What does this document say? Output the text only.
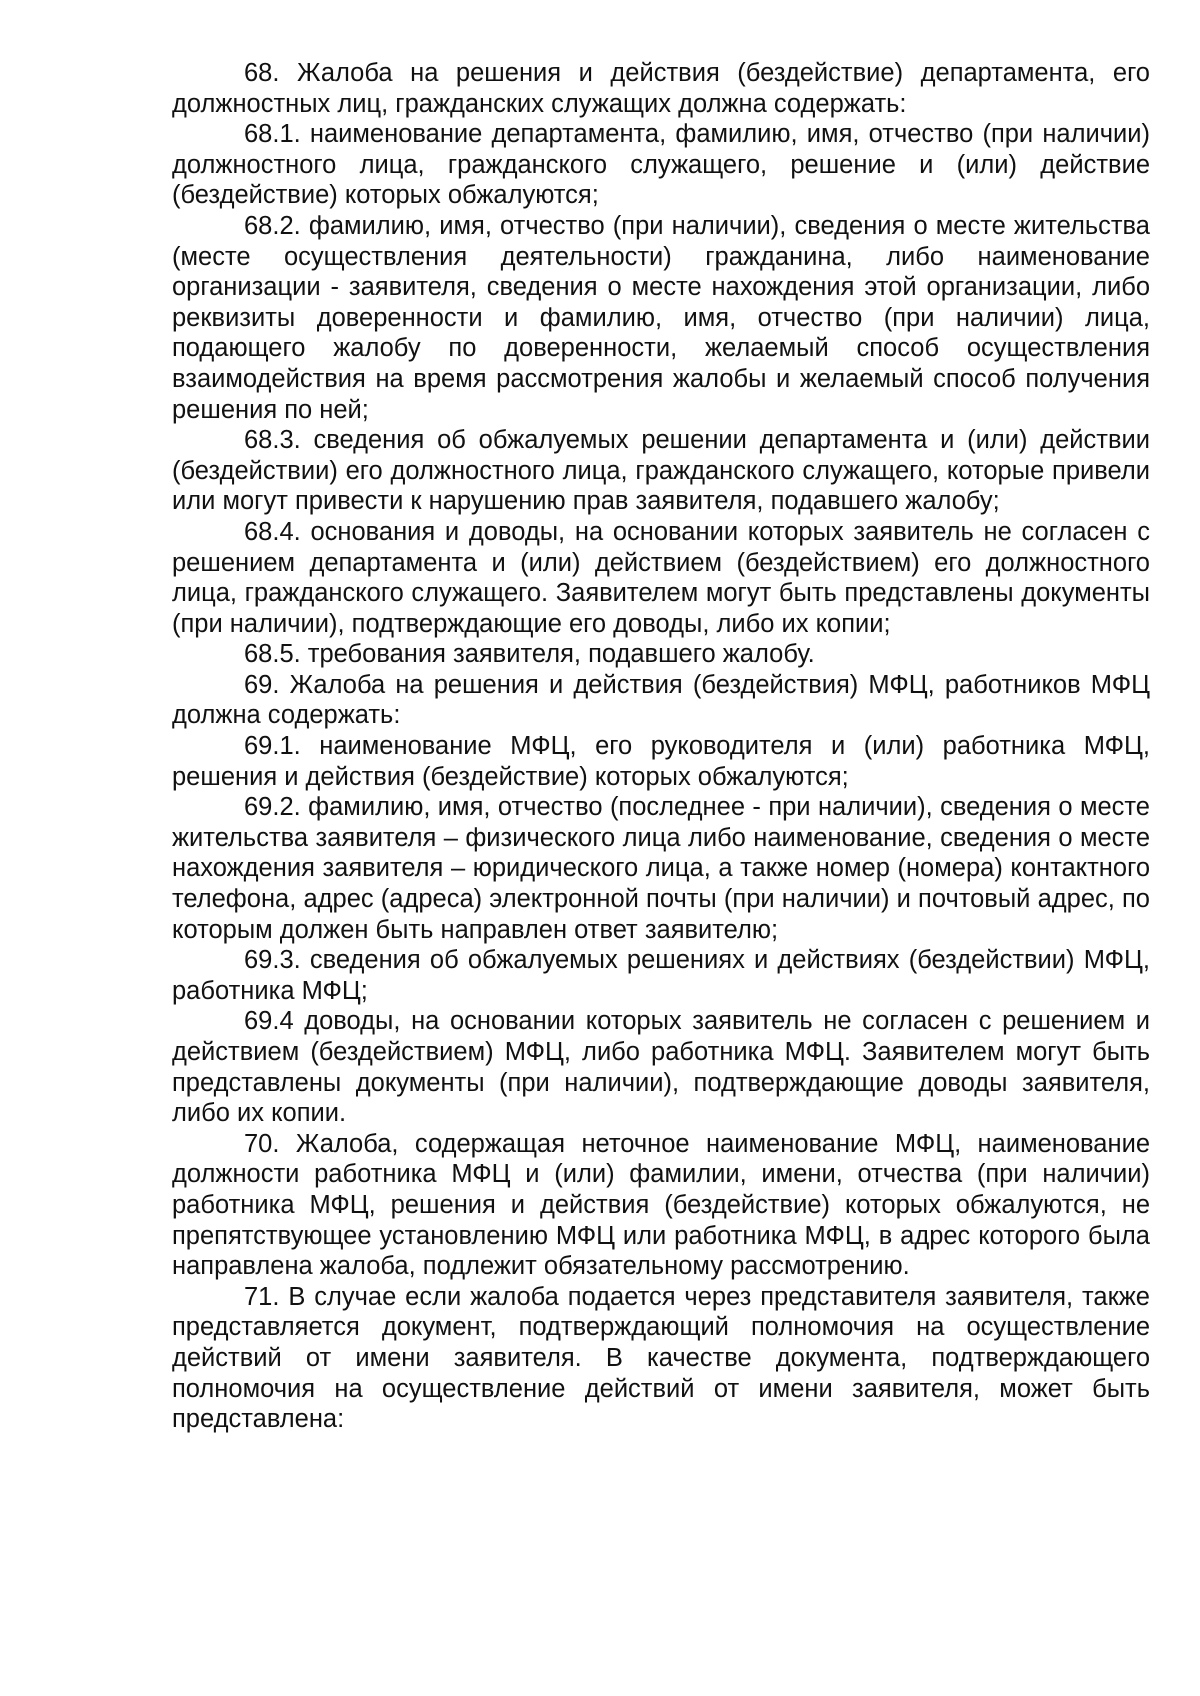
68. Жалоба на решения и действия (бездействие) департамента, его должностных лиц, гражданских служащих должна содержать:

68.1. наименование департамента, фамилию, имя, отчество (при наличии) должностного лица, гражданского служащего, решение и (или) действие (бездействие) которых обжалуются;

68.2. фамилию, имя, отчество (при наличии), сведения о месте жительства (месте осуществления деятельности) гражданина, либо наименование организации - заявителя, сведения о месте нахождения этой организации, либо реквизиты доверенности и фамилию, имя, отчество (при наличии) лица, подающего жалобу по доверенности, желаемый способ осуществления взаимодействия на время рассмотрения жалобы и желаемый способ получения решения по ней;

68.3. сведения об обжалуемых решении департамента и (или) действии (бездействии) его должностного лица, гражданского служащего, которые привели или могут привести к нарушению прав заявителя, подавшего жалобу;

68.4. основания и доводы, на основании которых заявитель не согласен с решением департамента и (или) действием (бездействием) его должностного лица, гражданского служащего. Заявителем могут быть представлены документы (при наличии), подтверждающие его доводы, либо их копии;

68.5. требования заявителя, подавшего жалобу.

69. Жалоба на решения и действия (бездействия) МФЦ, работников МФЦ должна содержать:

69.1. наименование МФЦ, его руководителя и (или) работника МФЦ, решения и действия (бездействие) которых обжалуются;

69.2. фамилию, имя, отчество (последнее - при наличии), сведения о месте жительства заявителя – физического лица либо наименование, сведения о месте нахождения заявителя – юридического лица, а также номер (номера) контактного телефона, адрес (адреса) электронной почты (при наличии) и почтовый адрес, по которым должен быть направлен ответ заявителю;

69.3. сведения об обжалуемых решениях и действиях (бездействии) МФЦ, работника МФЦ;

69.4 доводы, на основании которых заявитель не согласен с решением и действием (бездействием) МФЦ, либо работника МФЦ. Заявителем могут быть представлены документы (при наличии), подтверждающие доводы заявителя, либо их копии.

70. Жалоба, содержащая неточное наименование МФЦ, наименование должности работника МФЦ и (или) фамилии, имени, отчества (при наличии) работника МФЦ, решения и действия (бездействие) которых обжалуются, не препятствующее установлению МФЦ или работника МФЦ, в адрес которого была направлена жалоба, подлежит обязательному рассмотрению.

71. В случае если жалоба подается через представителя заявителя, также представляется документ, подтверждающий полномочия на осуществление действий от имени заявителя. В качестве документа, подтверждающего полномочия на осуществление действий от имени заявителя, может быть представлена:
